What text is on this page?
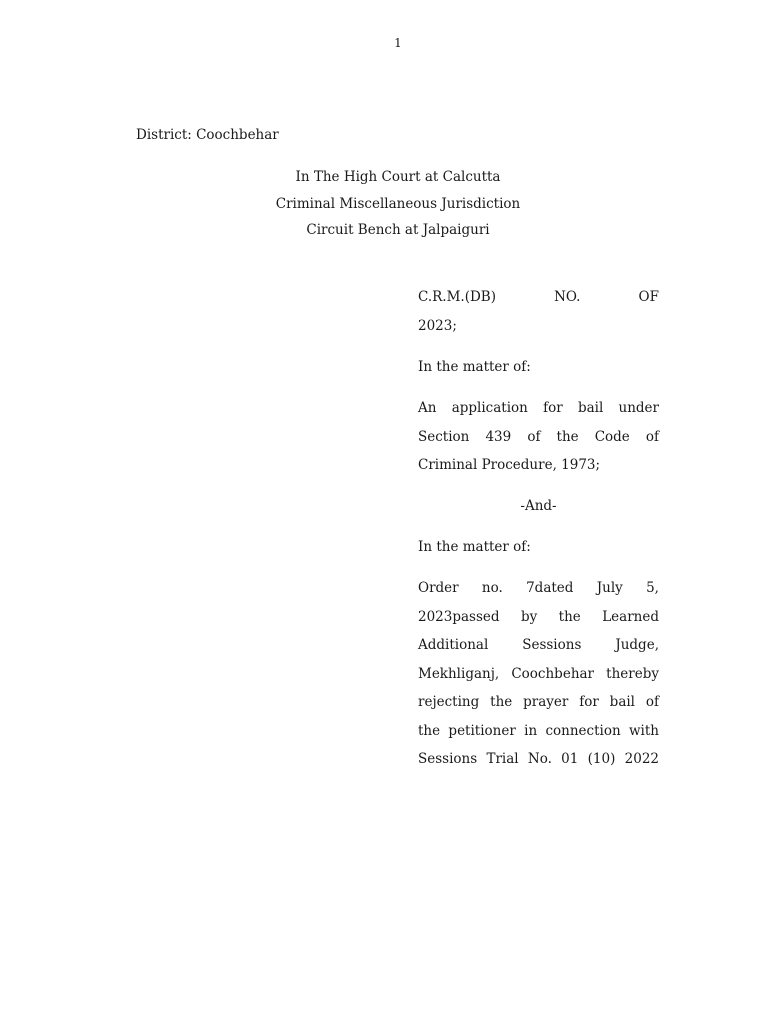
1
District: Coochbehar
In The High Court at Calcutta
Criminal Miscellaneous Jurisdiction
Circuit Bench at Jalpaiguri
C.R.M.(DB)	NO.	OF
2023;
In the matter of:
An application for bail under
Section 439 of the Code of
Criminal Procedure, 1973;
-And-
In the matter of:
Order no. 7dated July 5,
2023passed by the Learned
Additional	Sessions	Judge,
Mekhliganj, Coochbehar thereby
rejecting the prayer for bail of
the petitioner in connection with
Sessions Trial No. 01 (10) 2022
